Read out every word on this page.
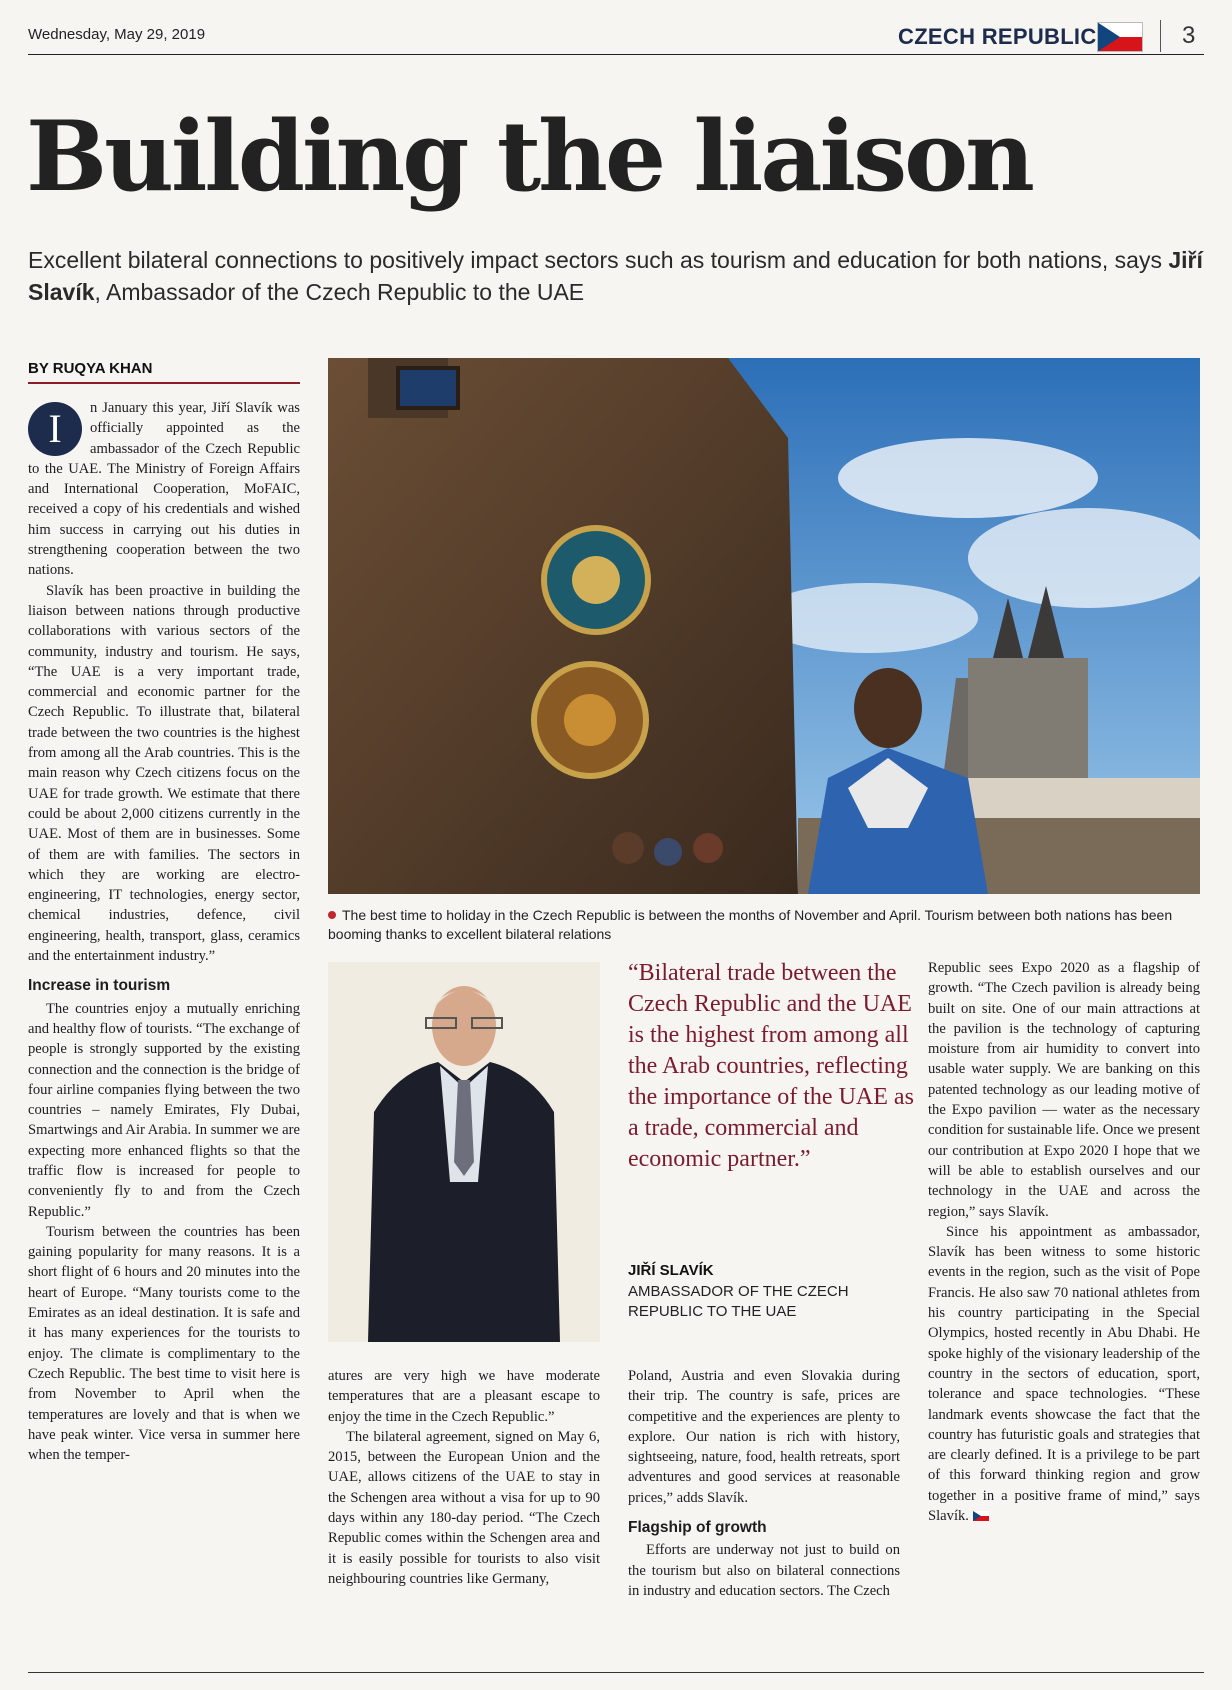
Wednesday, May 29, 2019	CZECH REPUBLIC	3
Building the liaison
Excellent bilateral connections to positively impact sectors such as tourism and education for both nations, says Jiří Slavík, Ambassador of the Czech Republic to the UAE
BY RUQYA KHAN

I	n January this year, Jiří Slavík was officially appointed as the ambassador of the Czech Republic to the UAE. The Ministry of Foreign Affairs and International Cooperation, MoFAIC, received a copy of his credentials and wished him success in carrying out his duties in strengthening cooperation between the two nations.

Slavík has been proactive in building the liaison between nations through productive collaborations with various sectors of the community, industry and tourism. He says, “The UAE is a very important trade, commercial and economic partner for the Czech Republic. To illustrate that, bilateral trade between the two countries is the highest from among all the Arab countries. This is the main reason why Czech citizens focus on the UAE for trade growth. We estimate that there could be about 2,000 citizens currently in the UAE. Most of them are in businesses. Some of them are with families. The sectors in which they are working are electro-engineering, IT technologies, energy sector, chemical industries, defence, civil engineering, health, transport, glass, ceramics and the entertainment industry.”

Increase in tourism

The countries enjoy a mutually enriching and healthy flow of tourists. “The exchange of people is strongly supported by the existing connection and the connection is the bridge of four airline companies flying between the two countries – namely Emirates, Fly Dubai, Smartwings and Air Arabia. In summer we are expecting more enhanced flights so that the traffic flow is increased for people to conveniently fly to and from the Czech Republic.”

Tourism between the countries has been gaining popularity for many reasons. It is a short flight of 6 hours and 20 minutes into the heart of Europe. “Many tourists come to the Emirates as an ideal destination. It is safe and it has many experiences for the tourists to enjoy. The climate is complimentary to the Czech Republic. The best time to visit here is from November to April when the temperatures are lovely and that is when we have peak winter. Vice versa in summer here when the temper-

The best time to holiday in the Czech Republic is between the months of November and April. Tourism between both nations has been booming thanks to excellent bilateral relations
“Bilateral trade between the Czech Republic and the UAE is the highest from among all the Arab countries, reflecting the importance of the UAE as a trade, commercial and economic partner.”
JIŘÍ SLAVÍK
AMBASSADOR OF THE CZECH REPUBLIC TO THE UAE

atures are very high we have moderate temperatures that are a pleasant escape to enjoy the time in the Czech Republic.”

The bilateral agreement, signed on May 6, 2015, between the European Union and the UAE, allows citizens of the UAE to stay in the Schengen area without a visa for up to 90 days within any 180-day period. “The Czech Republic comes within the Schengen area and it is easily possible for tourists to also visit neighbouring countries like Germany,

Poland, Austria and even Slovakia during their trip. The country is safe, prices are competitive and the experiences are plenty to explore. Our nation is rich with history, sightseeing, nature, food, health retreats, sport adventures and good services at reasonable prices,” adds Slavík.

Flagship of growth

Efforts are underway not just to build on the tourism but also on bilateral connections in industry and education sectors. The Czech

Republic sees Expo 2020 as a flagship of growth. “The Czech pavilion is already being built on site. One of our main attractions at the pavilion is the technology of capturing moisture from air humidity to convert into usable water supply. We are banking on this patented technology as our leading motive of the Expo pavilion — water as the necessary condition for sustainable life. Once we present our contribution at Expo 2020 I hope that we will be able to establish ourselves and our technology in the UAE and across the region,” says Slavík.

Since his appointment as ambassador, Slavík has been witness to some historic events in the region, such as the visit of Pope Francis. He also saw 70 national athletes from his country participating in the Special Olympics, hosted recently in Abu Dhabi. He spoke highly of the visionary leadership of the country in the sectors of education, sport, tolerance and space technologies. “These landmark events showcase the fact that the country has futuristic goals and strategies that are clearly defined. It is a privilege to be part of this forward thinking region and grow together in a positive frame of mind,” says Slavík.
